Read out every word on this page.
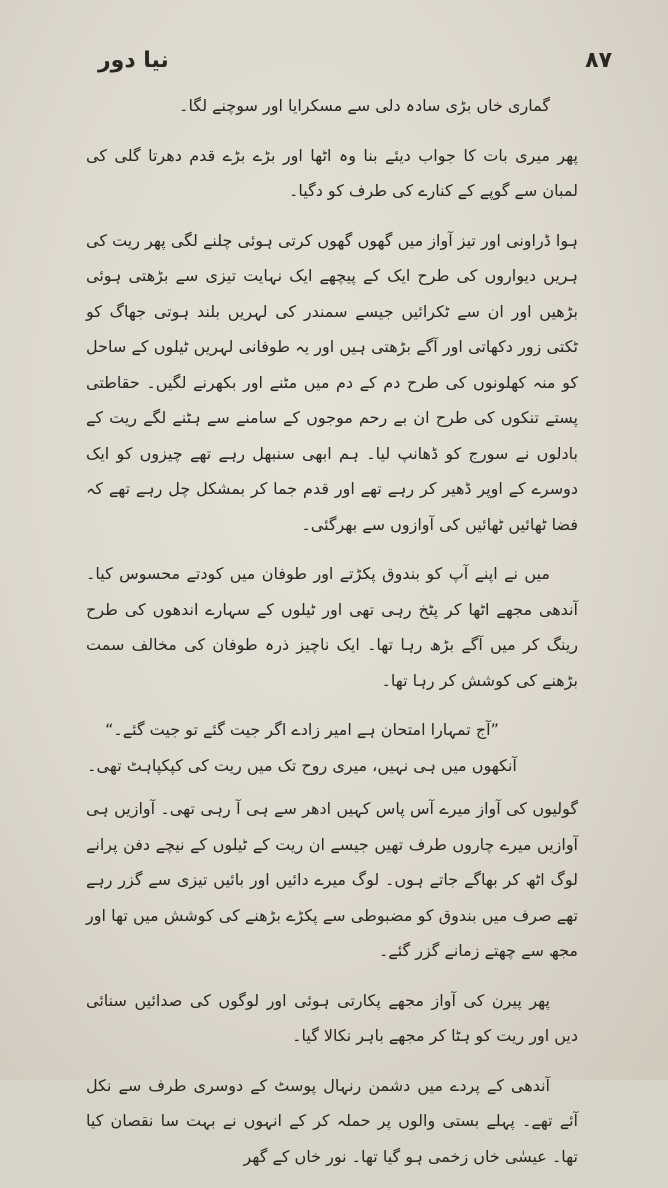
نیا دور	۸۷

گماری خاں بڑی سادہ دلی سے مسکرایا اور سوچنے لگا۔

پھر میری بات کا جواب دیئے بنا وہ اٹھا اور بڑے بڑے قدم دھرتا گلی کی لمبان سے گوپے کے کنارے کی طرف کو دگیا۔

ہوا ڈراونی اور تیز آواز میں گھوں گھوں کرتی ہوئی چلنے لگی پھر ریت کی ہریں دیواروں کی طرح ایک کے پیچھے ایک نہایت تیزی سے بڑھتی ہوئی بڑھیں اور ان سے ٹکرائیں جیسے سمندر کی لہریں بلند ہوتی جھاگ کو ٹکتی زور دکھاتی اور آگے بڑھتی ہیں اور یہ طوفانی لہریں ٹیلوں کے ساحل کو منہ کھلونوں کی طرح دم کے دم میں مٹنے اور بکھرنے لگیں۔ حقاطتی پستے تنکوں کی طرح ان بے رحم موجوں کے سامنے سے ہٹنے لگے ریت کے بادلوں نے سورج کو ڈھانپ لیا۔ ہم ابھی سنبھل رہے تھے چیزوں کو ایک دوسرے کے اوپر ڈھیر کر رہے تھے اور قدم جما کر بمشکل چل رہے تھے کہ فضا ٹھائیں ٹھائیں کی آوازوں سے بھرگئی۔

میں نے اپنے آپ کو بندوق پکڑتے اور طوفان میں کودتے محسوس کیا۔ آندھی مجھے اٹھا کر پٹخ رہی تھی اور ٹیلوں کے سہارے اندھوں کی طرح رینگ کر میں آگے بڑھ رہا تھا۔ ایک ناچیز ذرہ طوفان کی مخالف سمت بڑھنے کی کوشش کر رہا تھا۔

”آج تمہارا امتحان ہے امیر زادے اگر جیت گئے تو جیت گئے۔“

آنکھوں میں ہی نہیں، میری روح تک میں ریت کی کپکپاہٹ تھی۔

گولیوں کی آواز میرے آس پاس کہیں ادھر سے ہی آ رہی تھی۔ آوازیں ہی آوازیں میرے چاروں طرف تھیں جیسے ان ریت کے ٹیلوں کے نیچے دفن پرانے لوگ اٹھ کر بھاگے جاتے ہوں۔ لوگ میرے دائیں اور بائیں تیزی سے گزر رہے تھے صرف میں بندوق کو مضبوطی سے پکڑے بڑھنے کی کوشش میں تھا اور مجھ سے چھتے زمانے گزر گئے۔

پھر پیرن کی آواز مجھے پکارتی ہوئی اور لوگوں کی صدائیں سنائی دیں اور ریت کو ہٹا کر مجھے باہر نکالا گیا۔

آندھی کے پردے میں دشمن رنہال پوسٹ کے دوسری طرف سے نکل آئے تھے۔ پہلے بستی والوں پر حملہ کر کے انہوں نے بہت سا نقصان کیا تھا۔ عیسٰی خاں زخمی ہو گیا تھا۔ نور خاں کے گھر
